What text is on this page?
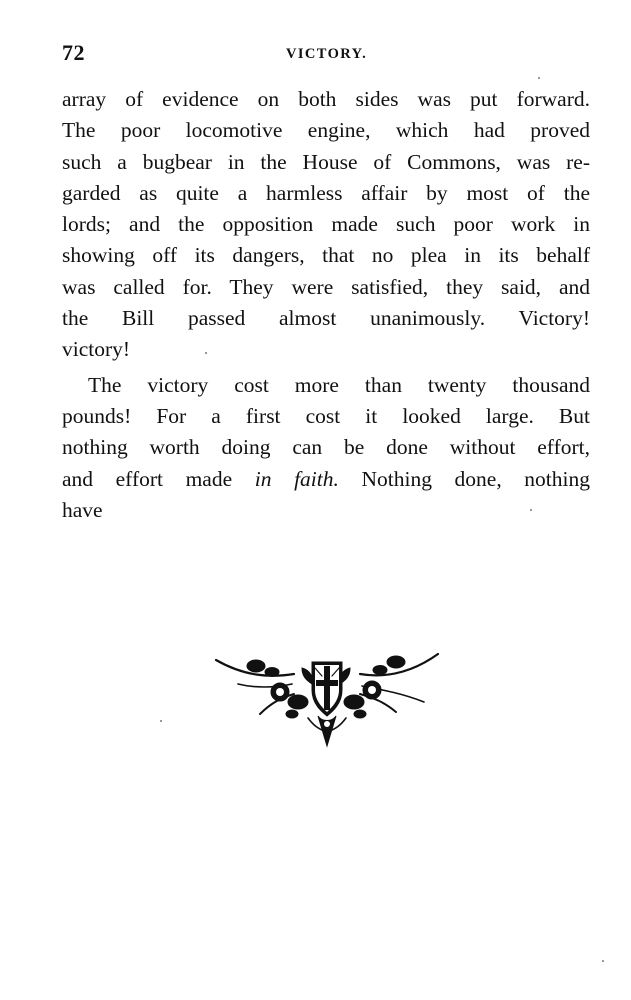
72	VICTORY.
array of evidence on both sides was put forward.
The poor locomotive engine, which had proved
such a bugbear in the House of Commons, was re-
garded as quite a harmless affair by most of the
lords; and the opposition made such poor work in
showing off its dangers, that no plea in its behalf
was called for. They were satisfied, they said, and
the Bill passed almost unanimously. Victory!
victory!
The victory cost more than twenty thousand
pounds! For a first cost it looked large. But
nothing worth doing can be done without effort,
and effort made in faith. Nothing done, nothing
have
